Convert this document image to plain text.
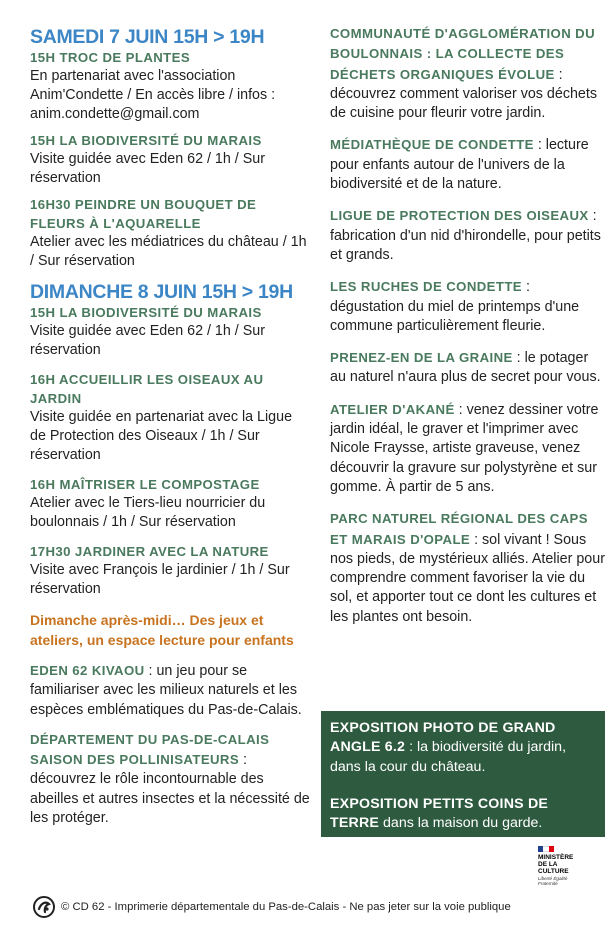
SAMEDI 7 JUIN 15H > 19H
15H TROC DE PLANTES
En partenariat avec l'association Anim'Condette / En accès libre / infos : anim.condette@gmail.com
15H LA BIODIVERSITÉ DU MARAIS
Visite guidée avec Eden 62 / 1h / Sur réservation
16H30 PEINDRE UN BOUQUET DE FLEURS À L'AQUARELLE
Atelier avec les médiatrices du château / 1h / Sur réservation
DIMANCHE 8 JUIN 15H > 19H
15H LA BIODIVERSITÉ DU MARAIS
Visite guidée avec Eden 62 / 1h / Sur réservation
16H ACCUEILLIR LES OISEAUX AU JARDIN
Visite guidée en partenariat avec la Ligue de Protection des Oiseaux / 1h / Sur réservation
16H MAÎTRISER LE COMPOSTAGE
Atelier avec le Tiers-lieu nourricier du boulonnais / 1h / Sur réservation
17H30 JARDINER AVEC LA NATURE
Visite avec François le jardinier / 1h / Sur réservation
Dimanche après-midi… Des jeux et ateliers, un espace lecture pour enfants
EDEN 62 KIVAOU : un jeu pour se familiariser avec les milieux naturels et les espèces emblématiques du Pas-de-Calais.
DÉPARTEMENT DU PAS-DE-CALAIS SAISON DES POLLINISATEURS : découvrez le rôle incontournable des abeilles et autres insectes et la nécessité de les protéger.
COMMUNAUTÉ D'AGGLOMÉRATION DU BOULONNAIS : LA COLLECTE DES DÉCHETS ORGANIQUES ÉVOLUE : découvrez comment valoriser vos déchets de cuisine pour fleurir votre jardin.
MÉDIATHÈQUE DE CONDETTE : lecture pour enfants autour de l'univers de la biodiversité et de la nature.
LIGUE DE PROTECTION DES OISEAUX : fabrication d'un nid d'hirondelle, pour petits et grands.
LES RUCHES DE CONDETTE : dégustation du miel de printemps d'une commune particulièrement fleurie.
PRENEZ-EN DE LA GRAINE : le potager au naturel n'aura plus de secret pour vous.
ATELIER D'AKANÉ : venez dessiner votre jardin idéal, le graver et l'imprimer avec Nicole Fraysse, artiste graveuse, venez découvrir la gravure sur polystyrène et sur gomme. À partir de 5 ans.
PARC NATUREL RÉGIONAL DES CAPS ET MARAIS D'OPALE : sol vivant ! Sous nos pieds, de mystérieux alliés. Atelier pour comprendre comment favoriser la vie du sol, et apporter tout ce dont les cultures et les plantes ont besoin.
EXPOSITION PHOTO DE GRAND ANGLE 6.2 : la biodiversité du jardin, dans la cour du château.
EXPOSITION PETITS COINS DE TERRE dans la maison du garde.
MINISTÈRE
DE LA CULTURE
Liberté Égalité Fraternité
© CD 62 - Imprimerie départementale du Pas-de-Calais - Ne pas jeter sur la voie publique
